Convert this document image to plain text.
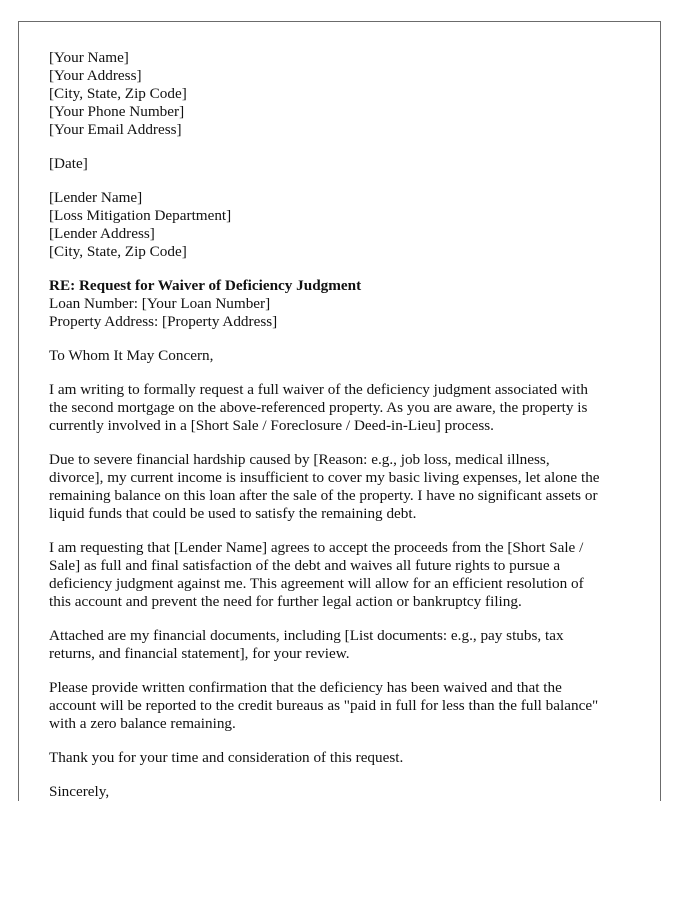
[Your Name]
[Your Address]
[City, State, Zip Code]
[Your Phone Number]
[Your Email Address]
[Date]
[Lender Name]
[Loss Mitigation Department]
[Lender Address]
[City, State, Zip Code]
RE: Request for Waiver of Deficiency Judgment
Loan Number: [Your Loan Number]
Property Address: [Property Address]
To Whom It May Concern,
I am writing to formally request a full waiver of the deficiency judgment associated with
the second mortgage on the above-referenced property. As you are aware, the property is
currently involved in a [Short Sale / Foreclosure / Deed-in-Lieu] process.
Due to severe financial hardship caused by [Reason: e.g., job loss, medical illness,
divorce], my current income is insufficient to cover my basic living expenses, let alone the
remaining balance on this loan after the sale of the property. I have no significant assets or
liquid funds that could be used to satisfy the remaining debt.
I am requesting that [Lender Name] agrees to accept the proceeds from the [Short Sale /
Sale] as full and final satisfaction of the debt and waives all future rights to pursue a
deficiency judgment against me. This agreement will allow for an efficient resolution of
this account and prevent the need for further legal action or bankruptcy filing.
Attached are my financial documents, including [List documents: e.g., pay stubs, tax
returns, and financial statement], for your review.
Please provide written confirmation that the deficiency has been waived and that the
account will be reported to the credit bureaus as "paid in full for less than the full balance"
with a zero balance remaining.
Thank you for your time and consideration of this request.
Sincerely,
